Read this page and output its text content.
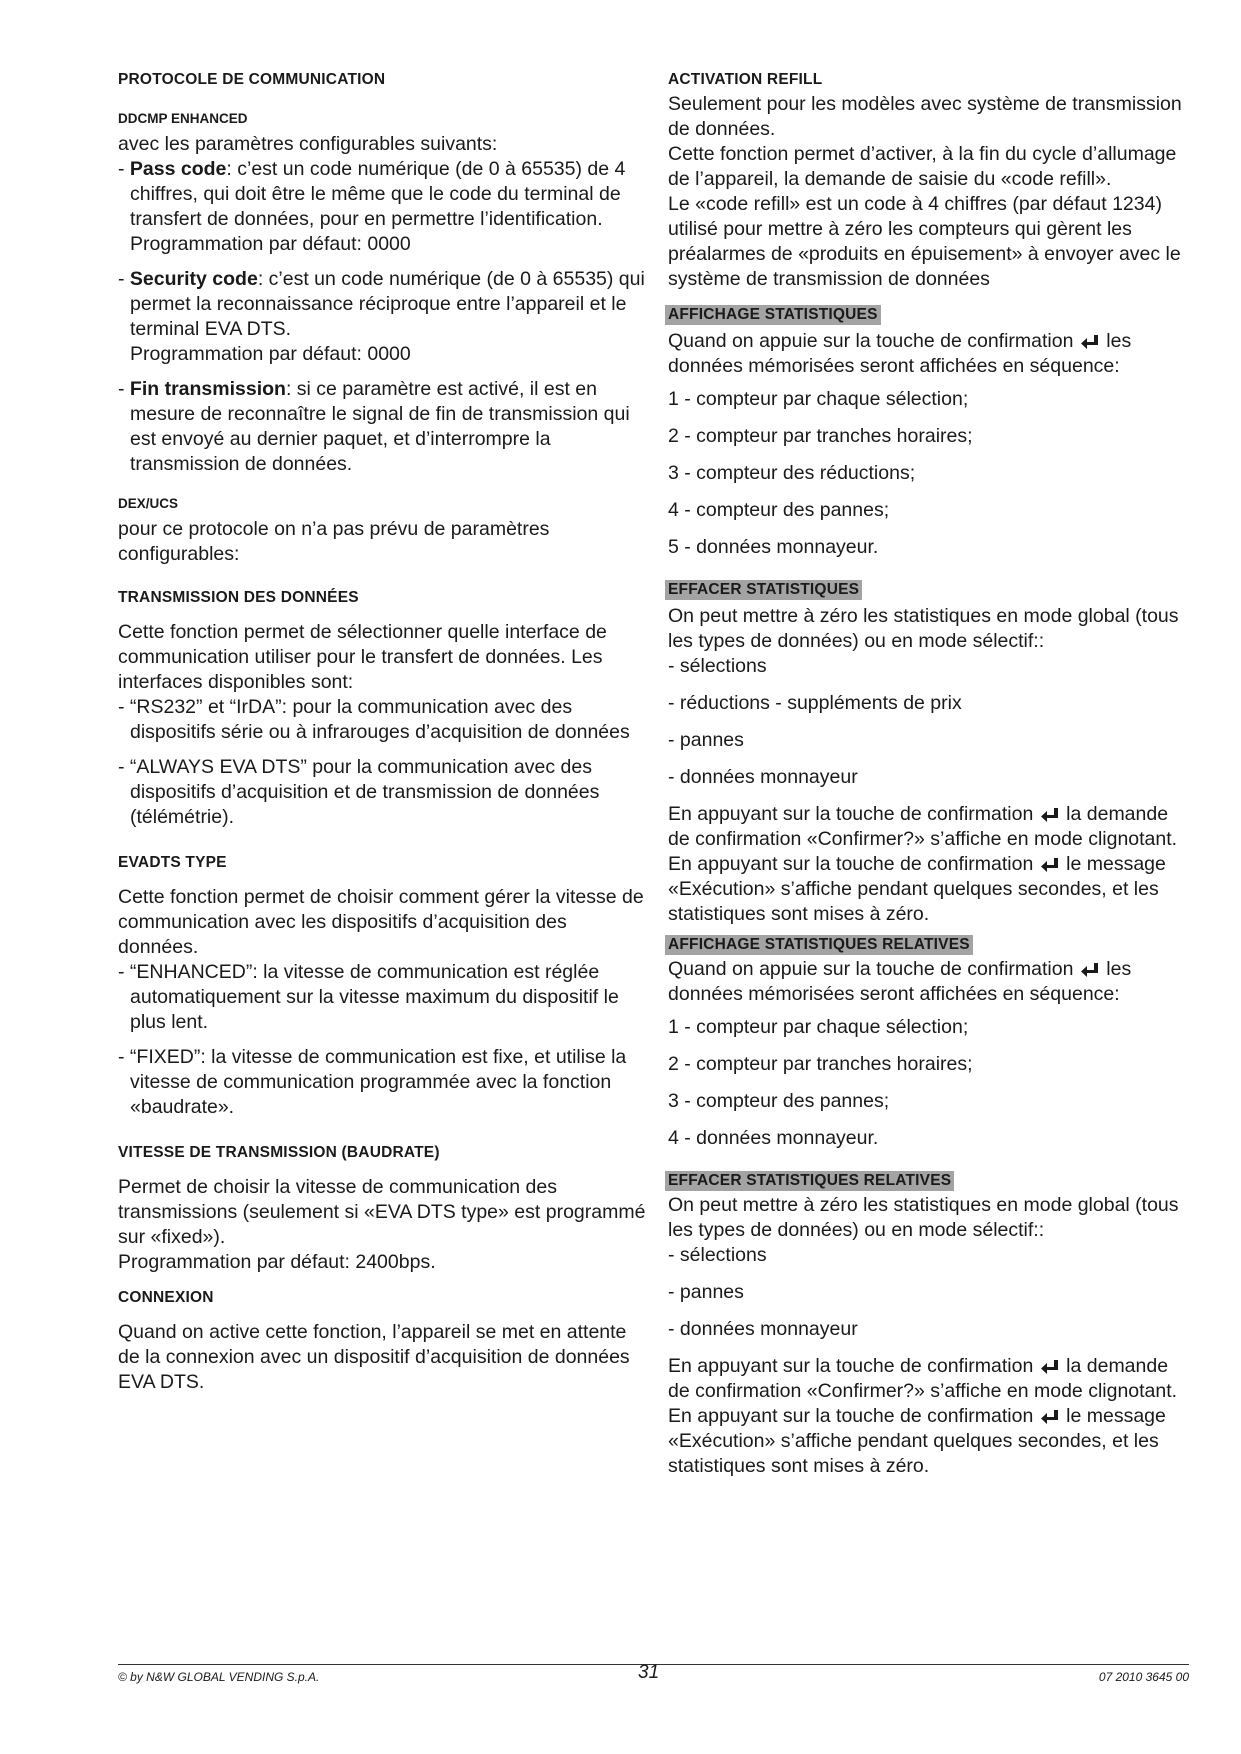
PROTOCOLE DE COMMUNICATION
DDCMP ENHANCED

avec les paramètres configurables suivants:

- Pass code: c’est un code numérique (de 0 à 65535) de 4 chiffres, qui doit être le même que le code du terminal de transfert de données, pour en permettre l’identification.
Programmation par défaut: 0000
- Security code: c’est un code numérique (de 0 à 65535) qui permet la reconnaissance réciproque entre l’appareil et le terminal EVA DTS.
Programmation par défaut: 0000
- Fin transmission: si ce paramètre est activé, il est en mesure de reconnaître le signal de fin de transmission qui est envoyé au dernier paquet, et d’interrompre la transmission de données.
DEX/UCS

pour ce protocole on n’a pas prévu de paramètres configurables:

TRANSMISSION DES DONNÉES

Cette fonction permet de sélectionner quelle interface de communication utiliser pour le transfert de données. Les interfaces disponibles sont:

- “RS232” et “IrDA”: pour la communication avec des dispositifs série ou à infrarouges d’acquisition de données
- “ALWAYS EVA DTS” pour la communication avec des dispositifs d’acquisition et de transmission de données (télémétrie).
EVADTS TYPE

Cette fonction permet de choisir comment gérer la vitesse de communication avec les dispositifs d’acquisition des données.

- “ENHANCED”: la vitesse de communication est réglée automatiquement sur la vitesse maximum du dispositif le plus lent.
- “FIXED”: la vitesse de communication est fixe, et utilise la vitesse de communication programmée avec la fonction «baudrate».
VITESSE DE TRANSMISSION (BAUDRATE)

Permet de choisir la vitesse de communication des transmissions (seulement si «EVA DTS type» est programmé sur «fixed»).

Programmation par défaut: 2400bps.

CONNEXION

Quand on active cette fonction, l’appareil se met en attente de la connexion avec un dispositif d’acquisition de données EVA DTS.

ACTIVATION REFILL

Seulement pour les modèles avec système de transmission de données.

Cette fonction permet d’activer, à la fin du cycle d’allumage de l’appareil, la demande de saisie du «code refill».

Le «code refill» est un code à 4 chiffres (par défaut 1234) utilisé pour mettre à zéro les compteurs qui gèrent les préalarmes de «produits en épuisement» à envoyer avec le système de transmission de données

AFFICHAGE STATISTIQUES

Quand on appuie sur la touche de confirmation les données mémorisées seront affichées en séquence:

1 - compteur par chaque sélection;
2 - compteur par tranches horaires;
3 - compteur des réductions;
4 - compteur des pannes;
5 - données monnayeur.
EFFACER STATISTIQUES

On peut mettre à zéro les statistiques en mode global (tous les types de données) ou en mode sélectif::

- sélections
- réductions - suppléments de prix
- pannes
- données monnayeur

En appuyant sur la touche de confirmation la demande de confirmation «Confirmer?» s’affiche en mode clignotant.

En appuyant sur la touche de confirmation le message «Exécution» s’affiche pendant quelques secondes, et les statistiques sont mises à zéro.

AFFICHAGE STATISTIQUES RELATIVES

Quand on appuie sur la touche de confirmation les données mémorisées seront affichées en séquence:

1 - compteur par chaque sélection;
2 - compteur par tranches horaires;
3 - compteur des pannes;
4 - données monnayeur.
EFFACER STATISTIQUES RELATIVES

On peut mettre à zéro les statistiques en mode global (tous les types de données) ou en mode sélectif::

- sélections
- pannes
- données monnayeur

En appuyant sur la touche de confirmation la demande de confirmation «Confirmer?» s’affiche en mode clignotant.

En appuyant sur la touche de confirmation le message «Exécution» s’affiche pendant quelques secondes, et les statistiques sont mises à zéro.

© by N&W GLOBAL VENDING S.p.A.	31	07 2010 3645 00
